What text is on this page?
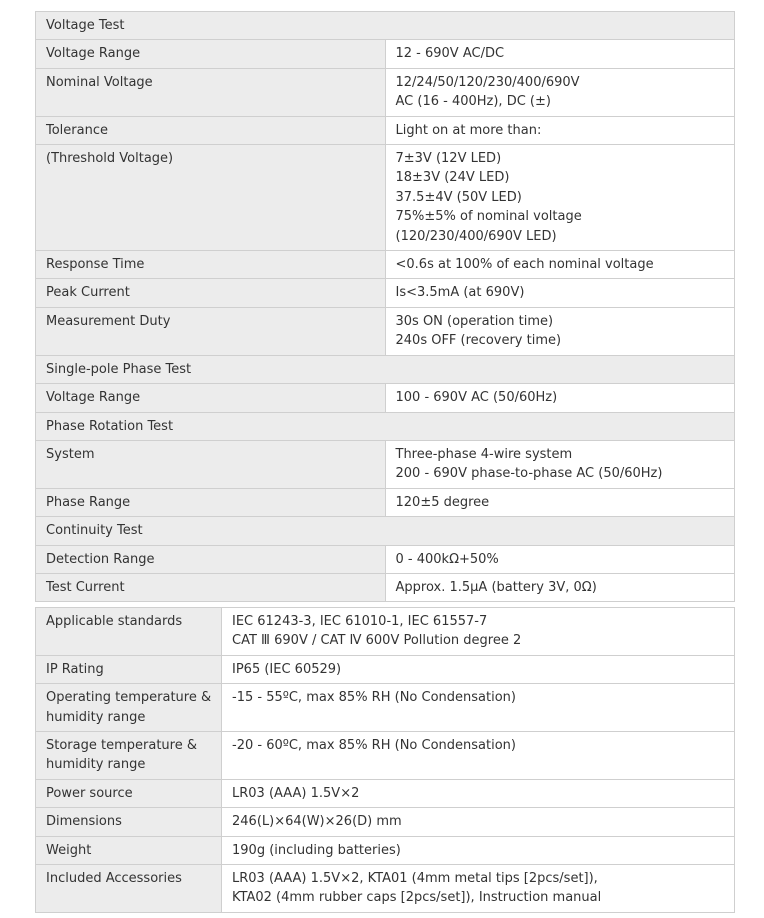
Voltage Test	

Voltage Range	12 - 690V AC/DC

Nominal Voltage	12/24/50/120/230/400/690V
AC (16 - 400Hz), DC (±)

Tolerance	Light on at more than:

(Threshold Voltage)	7±3V (12V LED)
18±3V (24V LED)
37.5±4V (50V LED)
75%±5% of nominal voltage
(120/230/400/690V LED)

Response Time	<0.6s at 100% of each nominal voltage

Peak Current	Is<3.5mA (at 690V)

Measurement Duty	30s ON (operation time)
240s OFF (recovery time)

Single-pole Phase Test	

Voltage Range	100 - 690V AC (50/60Hz)

Phase Rotation Test	

System	Three-phase 4-wire system
200 - 690V phase-to-phase AC (50/60Hz)

Phase Range	120±5 degree

Continuity Test	

Detection Range	0 - 400kΩ+50%

Test Current	Approx. 1.5μA (battery 3V, 0Ω)
Applicable standards	IEC 61243-3, IEC 61010-1, IEC 61557-7
CAT Ⅲ 690V / CAT Ⅳ 600V Pollution degree 2

IP Rating	IP65 (IEC 60529)

Operating temperature &
humidity range	-15 - 55ºC, max 85% RH (No Condensation)

Storage temperature &
humidity range	-20 - 60ºC, max 85% RH (No Condensation)

Power source	LR03 (AAA) 1.5V×2

Dimensions	246(L)×64(W)×26(D) mm

Weight	190g (including batteries)

Included Accessories	LR03 (AAA) 1.5V×2, KTA01 (4mm metal tips [2pcs/set]),
KTA02 (4mm rubber caps [2pcs/set]), Instruction manual
